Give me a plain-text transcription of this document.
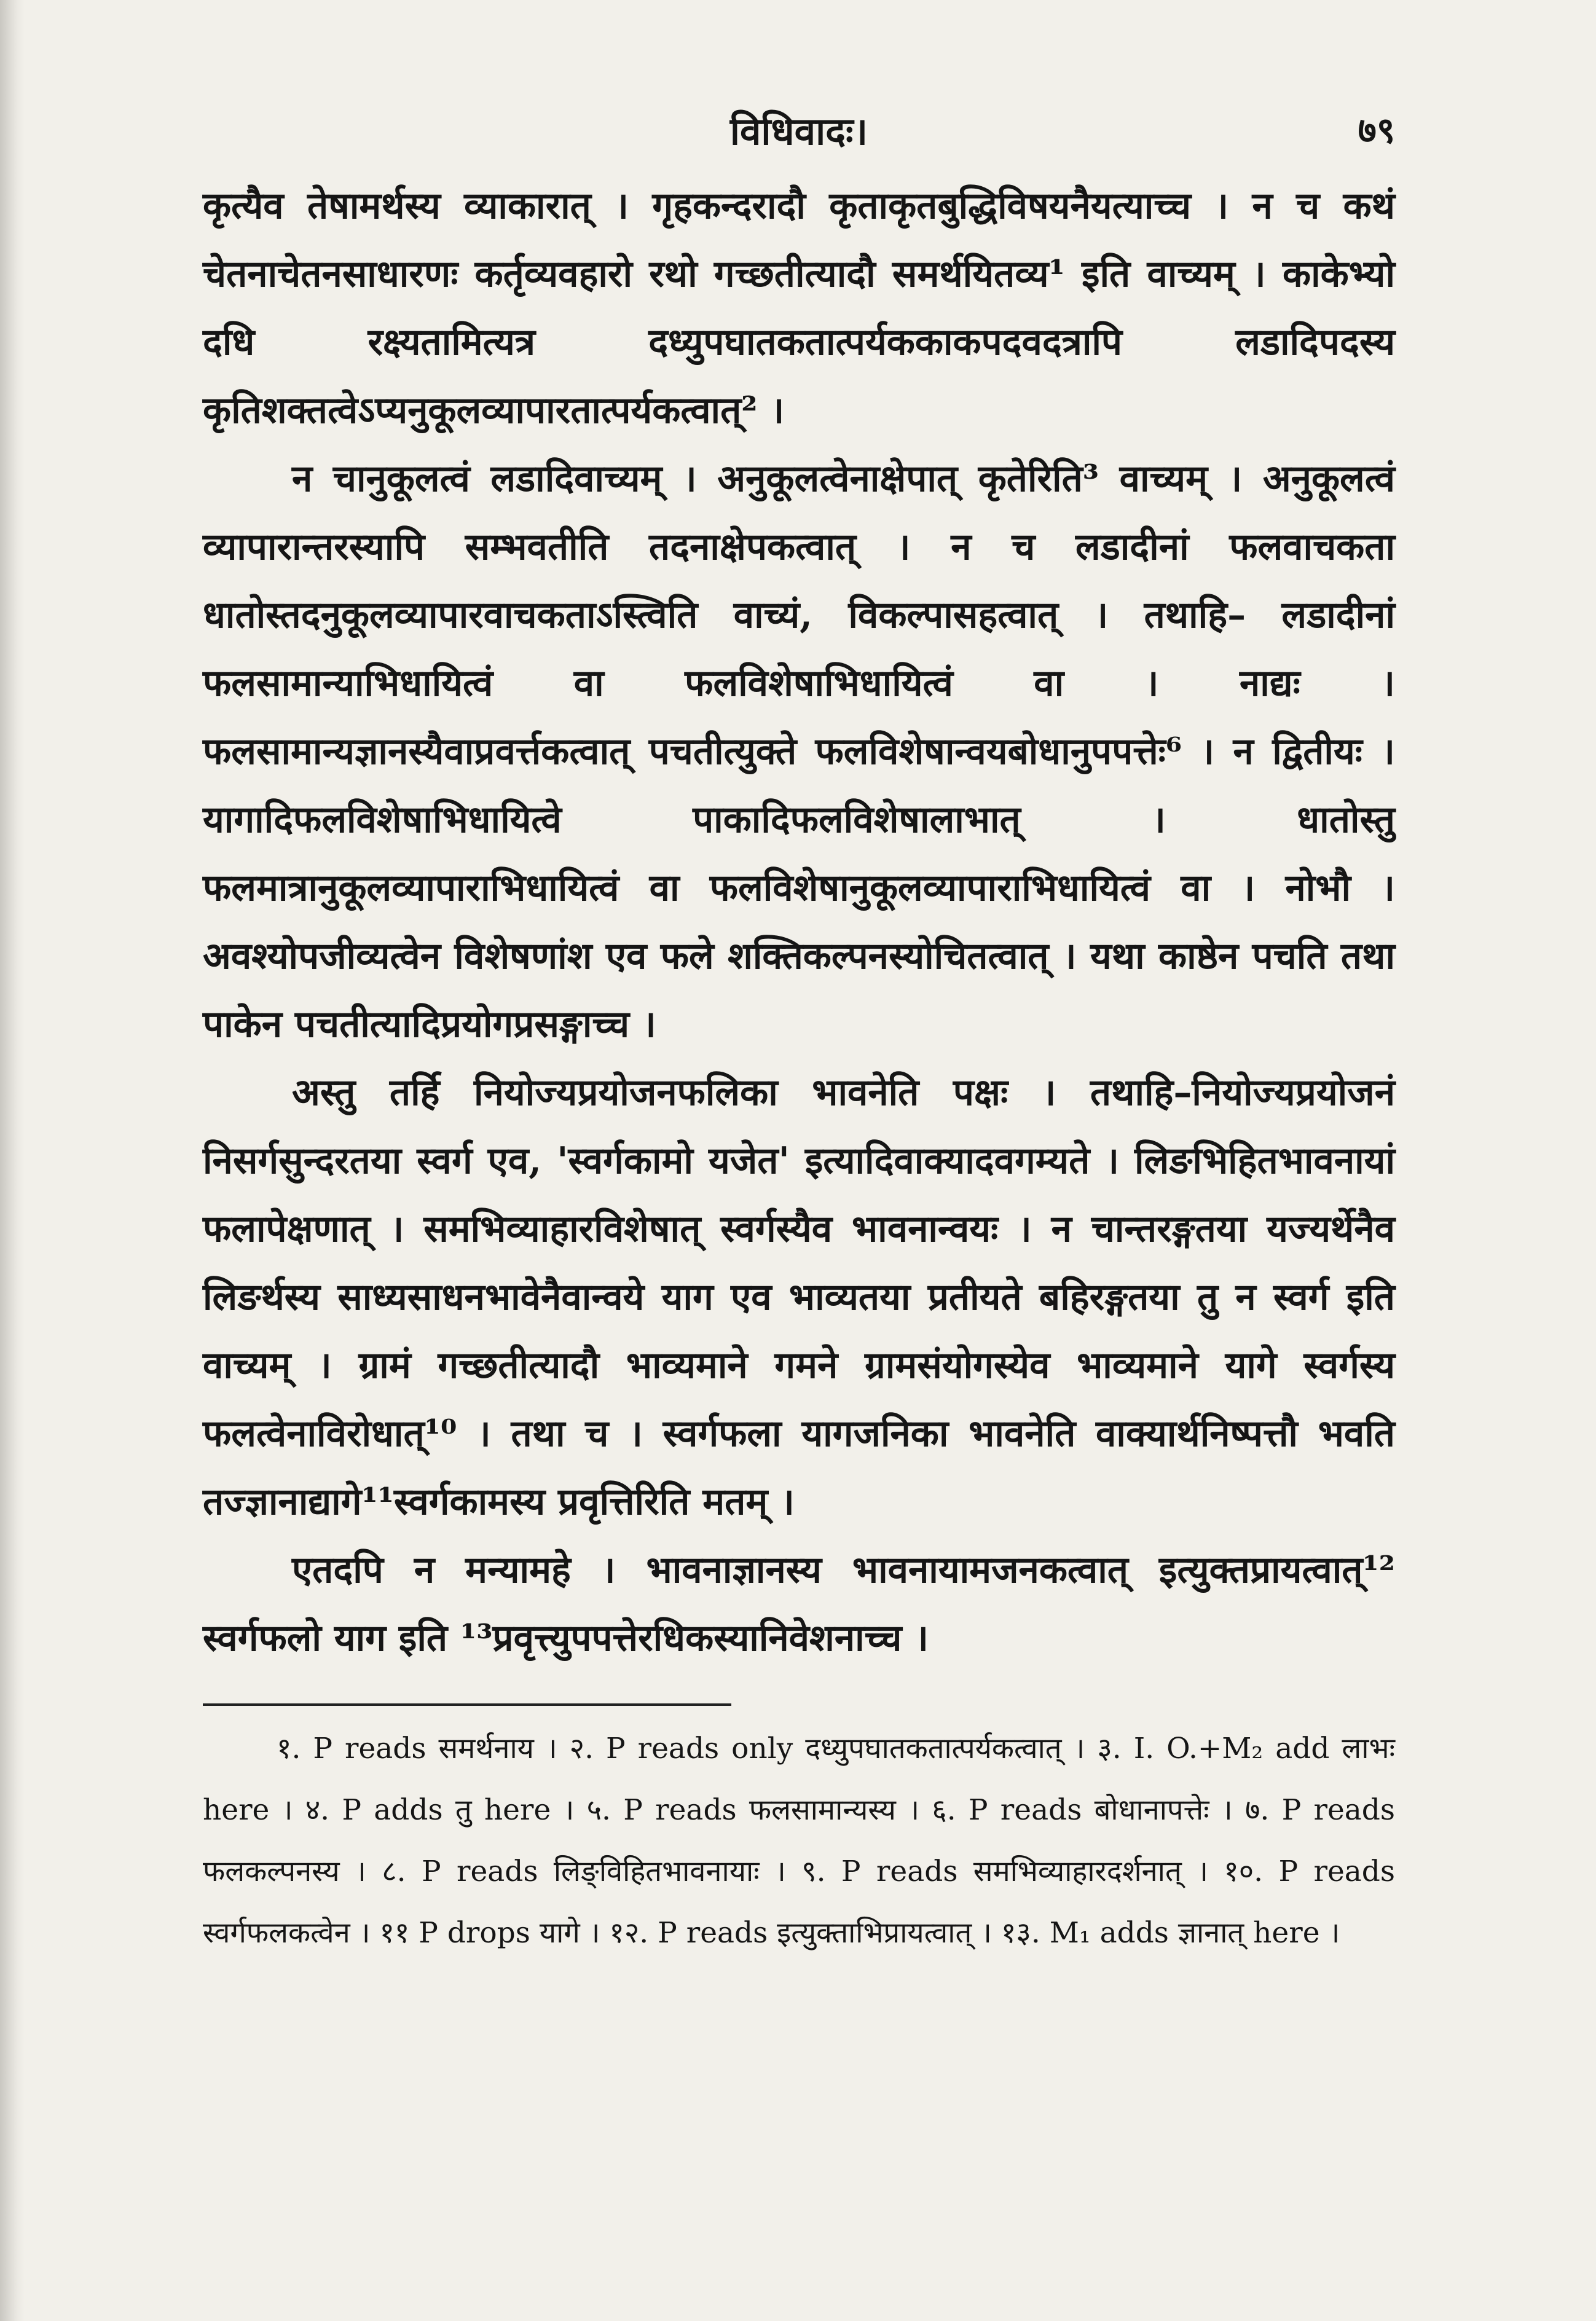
विधिवादः।	७९

कृत्यैव तेषामर्थस्य व्याकारात् । गृहकन्दरादौ कृताकृतबुद्धिविषयनैयत्याच्च । न च कथं चेतनाचेतनसाधारणः कर्तृव्यवहारो रथो गच्छतीत्यादौ समर्थयितव्य¹ इति वाच्यम् । काकेभ्यो दधि रक्ष्यतामित्यत्र दध्युपघातकतात्पर्यककाकपदवदत्रापि लडादिपदस्य कृतिशक्तत्वेऽप्यनुकूलव्यापारतात्पर्यकत्वात्² ।

न चानुकूलत्वं लडादिवाच्यम् । अनुकूलत्वेनाक्षेपात् कृतेरिति³ वाच्यम् । अनुकूलत्वं व्यापारान्तरस्यापि सम्भवतीति तदनाक्षेपकत्वात् । न च लडादीनां फलवाचकता धातोस्तदनुकूलव्यापारवाचकताऽस्त्विति वाच्यं, विकल्पासहत्वात् । तथाहि– लडादीनां फलसामान्याभिधायित्वं वा फलविशेषाभिधायित्वं वा । नाद्यः । फलसामान्यज्ञानस्यैवाप्रवर्त्तकत्वात् पचतीत्युक्ते फलविशेषान्वयबोधानुपपत्तेः⁶ । न द्वितीयः । यागादिफलविशेषाभिधायित्वे पाकादिफलविशेषालाभात् । धातोस्तु फलमात्रानुकूलव्यापाराभिधायित्वं वा फलविशेषानुकूलव्यापाराभिधायित्वं वा । नोभौ । अवश्योपजीव्यत्वेन विशेषणांश एव फले शक्तिकल्पनस्योचितत्वात् । यथा काष्ठेन पचति तथा पाकेन पचतीत्यादिप्रयोगप्रसङ्गाच्च ।

अस्तु तर्हि नियोज्यप्रयोजनफलिका भावनेति पक्षः । तथाहि–नियोज्यप्रयोजनं निसर्गसुन्दरतया स्वर्ग एव, 'स्वर्गकामो यजेत' इत्यादिवाक्यादवगम्यते । लिङभिहितभावनायां फलापेक्षणात् । समभिव्याहारविशेषात् स्वर्गस्यैव भावनान्वयः । न चान्तरङ्गतया यज्यर्थेनैव लिङर्थस्य साध्यसाधनभावेनैवान्वये याग एव भाव्यतया प्रतीयते बहिरङ्गतया तु न स्वर्ग इति वाच्यम् । ग्रामं गच्छतीत्यादौ भाव्यमाने गमने ग्रामसंयोगस्येव भाव्यमाने यागे स्वर्गस्य फलत्वेनाविरोधात्¹⁰ । तथा च । स्वर्गफला यागजनिका भावनेति वाक्यार्थनिष्पत्तौ भवति तज्ज्ञानाद्यागे¹¹स्वर्गकामस्य प्रवृत्तिरिति मतम् ।

एतदपि न मन्यामहे । भावनाज्ञानस्य भावनायामजनकत्वात् इत्युक्तप्रायत्वात्¹² स्वर्गफलो याग इति ¹³प्रवृत्त्युपपत्तेरधिकस्यानिवेशनाच्च ।

१. P reads समर्थनाय । २. P reads only दध्युपघातकतात्पर्यकत्वात् । ३. I. O.+M₂ add लाभः here । ४. P adds तु here । ५. P reads फलसामान्यस्य । ६. P reads बोधानापत्तेः । ७. P reads फलकल्पनस्य । ८. P reads लिङ्विहितभावनायाः । ९. P reads समभिव्याहारदर्शनात् । १०. P reads स्वर्गफलकत्वेन । ११ P drops यागे । १२. P reads इत्युक्ताभिप्रायत्वात् । १३. M₁ adds ज्ञानात् here ।
